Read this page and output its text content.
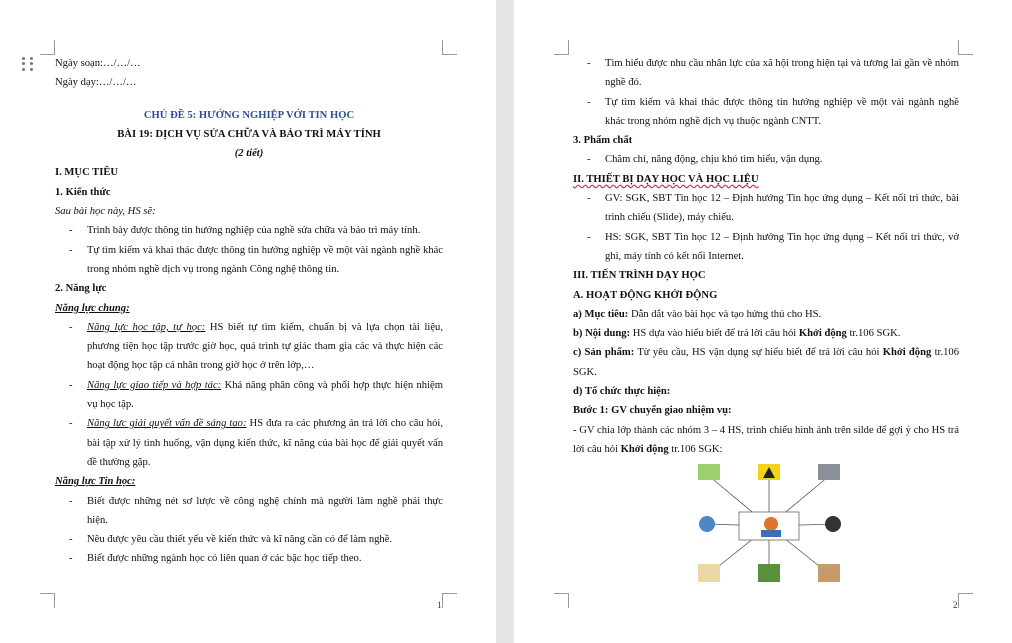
Ngày soạn:…/…/…
Ngày dạy:…/…/…
CHỦ ĐỀ 5: HƯỚNG NGHIỆP VỚI TIN HỌC
BÀI 19: DỊCH VỤ SỬA CHỮA VÀ BẢO TRÌ MÁY TÍNH
(2 tiết)
I. MỤC TIÊU
1. Kiến thức
Sau bài học này, HS sẽ:
- Trình bày được thông tin hướng nghiệp của nghề sửa chữa và bảo trì máy tính.
- Tự tìm kiếm và khai thác được thông tin hướng nghiệp về một vài ngành nghề khác trong nhóm nghề dịch vụ trong ngành Công nghệ thông tin.
2. Năng lực
Năng lực chung:
- Năng lực học tập, tự học: HS biết tự tìm kiếm, chuẩn bị và lựa chọn tài liệu, phương tiện học tập trước giờ học, quá trình tự giác tham gia các và thực hiện các hoạt động học tập cá nhân trong giờ học ở trên lớp,…
- Năng lực giao tiếp và hợp tác: Khả năng phân công và phối hợp thực hiện nhiệm vụ học tập.
- Năng lực giải quyết vấn đề sáng tạo: HS đưa ra các phương án trả lời cho câu hỏi, bài tập xử lý tình huống, vận dụng kiến thức, kĩ năng của bài học để giải quyết vấn đề thường gặp.
Năng lực Tin học:
- Biết được những nét sơ lược về công nghệ chính mà người làm nghề phải thực hiện.
- Nêu được yêu cầu thiết yếu về kiến thức và kĩ năng cần có để làm nghề.
- Biết được những ngành học có liên quan ở các bậc học tiếp theo.
1
- Tìm hiểu được nhu cầu nhân lực của xã hội trong hiện tại và tương lai gần về nhóm nghề đó.
- Tự tìm kiếm và khai thác được thông tin hướng nghiệp về một vài ngành nghề khác trong nhóm nghề dịch vụ thuộc ngành CNTT.
3. Phẩm chất
- Chăm chỉ, năng động, chịu khó tìm hiểu, vận dụng.
II. THIẾT BỊ DẠY HỌC VÀ HỌC LIỆU
- GV: SGK, SBT Tin học 12 – Định hướng Tin học ứng dụng – Kết nối tri thức, bài trình chiếu (Slide), máy chiếu.
- HS: SGK, SBT Tin học 12 – Định hướng Tin học ứng dụng – Kết nối tri thức, vở ghi, máy tính có kết nối Internet.
III. TIẾN TRÌNH DẠY HỌC
A. HOẠT ĐỘNG KHỞI ĐỘNG
a) Mục tiêu: Dẫn dắt vào bài học và tạo hứng thú cho HS.
b) Nội dung: HS dựa vào hiểu biết để trả lời câu hỏi Khởi động tr.106 SGK.
c) Sản phẩm: Từ yêu cầu, HS vận dụng sự hiểu biết để trả lời câu hỏi Khởi động tr.106 SGK.
d) Tổ chức thực hiện:
Bước 1: GV chuyển giao nhiệm vụ:
- GV chia lớp thành các nhóm 3 – 4 HS, trình chiếu hình ảnh trên silde để gợi ý cho HS trả lời câu hỏi Khởi động tr.106 SGK:
2
